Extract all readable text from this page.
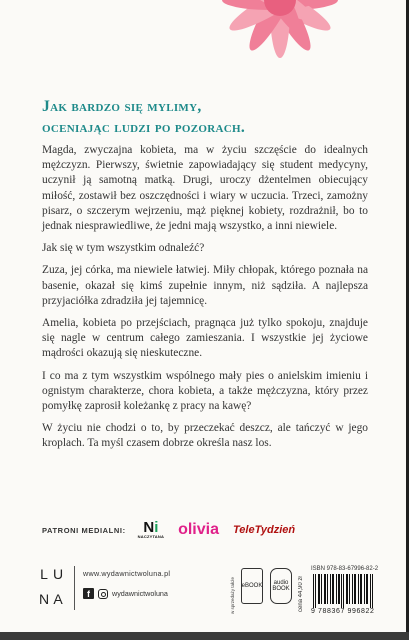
Jak bardzo się mylimy,
oceniając ludzi po pozorach.

Magda, zwyczajna kobieta, ma w życiu szczęście do idealnych mężczyzn. Pierwszy, świetnie zapowiadający się student medycyny, uczynił ją samotną matką. Drugi, uroczy dżentelmen obiecujący miłość, zostawił bez oszczędności i wiary w uczucia. Trzeci, zamożny pisarz, o szczerym wejrzeniu, mąż pięknej kobiety, rozdrażnił, bo to jednak niesprawiedliwe, że jedni mają wszystko, a inni niewiele.

Jak się w tym wszystkim odnaleźć?

Zuza, jej córka, ma niewiele łatwiej. Miły chłopak, którego poznała na basenie, okazał się kimś zupełnie innym, niż sądziła. A najlepsza przyjaciółka zdradziła jej tajemnicę.

Amelia, kobieta po przejściach, pragnąca już tylko spokoju, znajduje się nagle w centrum całego zamieszania. I wszystkie jej życiowe mądrości okazują się nieskuteczne.

I co ma z tym wszystkim wspólnego mały pies o anielskim imieniu i ognistym charakterze, chora kobieta, a także mężczyzna, który przez pomyłkę zaprosił koleżankę z pracy na kawę?

W życiu nie chodzi o to, by przeczekać deszcz, ale tańczyć w jego kroplach. Ta myśl czasem dobrze określa nasz los.

PATRONI MEDIALNI: Ni
NACZYTANA olivia TeleTydzień
L U
N A
www.wydawnictwoluna.pl
f	wydawnictwoluna	w sprzedaży także	eBOOK
audio
BOOK cena 44,90 zł
ISBN 978-83-67996-82-2
9 788367 996822
